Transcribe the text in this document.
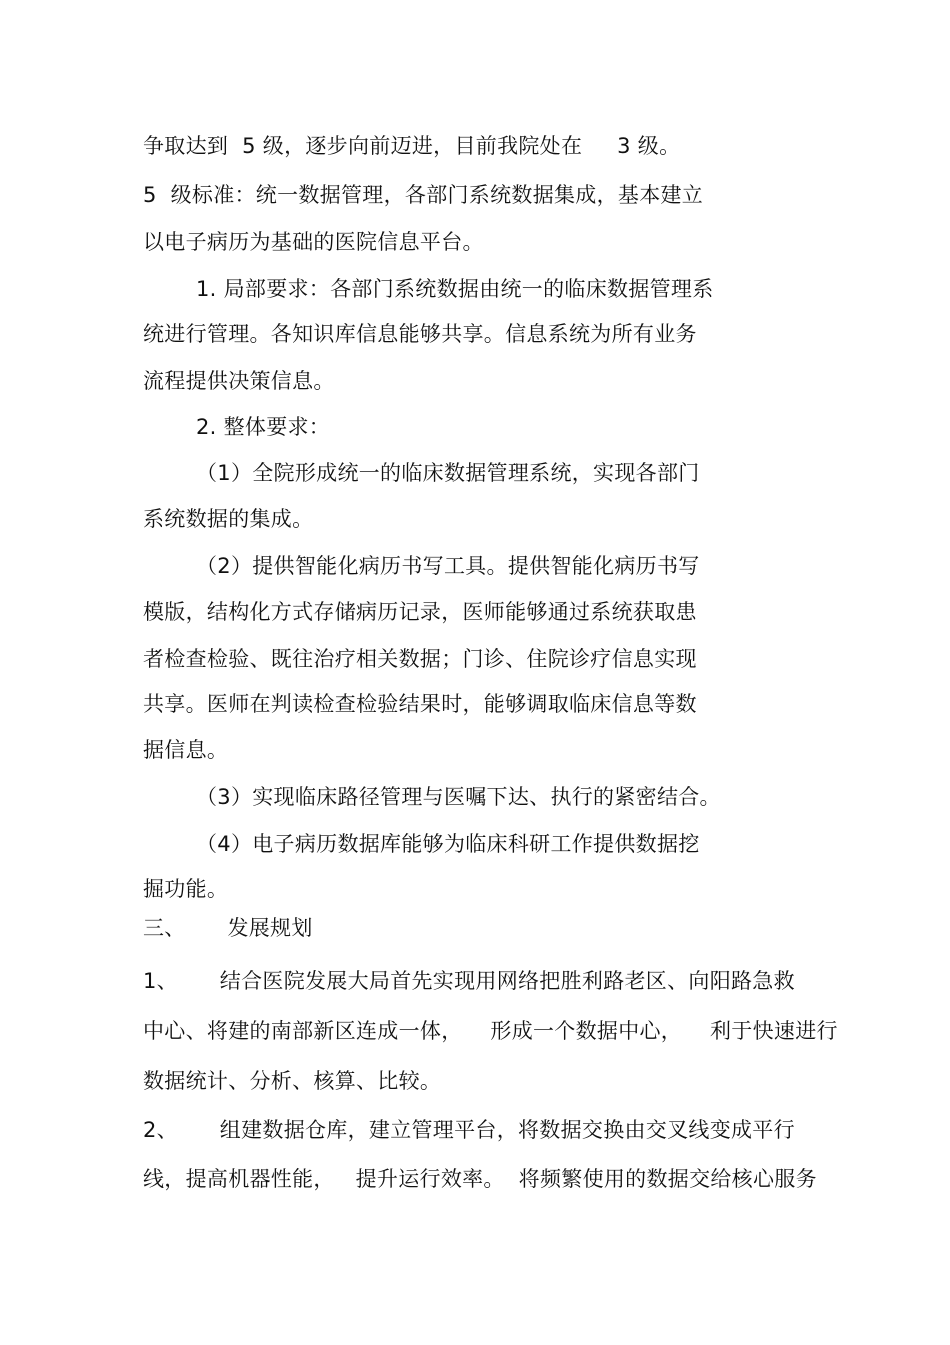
争取达到  5 级，逐步向前迈进，目前我院处在     3 级。
5  级标准：统一数据管理，各部门系统数据集成，基本建立
以电子病历为基础的医院信息平台。
1. 局部要求：各部门系统数据由统一的临床数据管理系
统进行管理。各知识库信息能够共享。信息系统为所有业务
流程提供决策信息。
2. 整体要求：
（1）全院形成统一的临床数据管理系统，实现各部门
系统数据的集成。
（2）提供智能化病历书写工具。提供智能化病历书写
模版，结构化方式存储病历记录，医师能够通过系统获取患
者检查检验、既往治疗相关数据；门诊、住院诊疗信息实现
共享。医师在判读检查检验结果时，能够调取临床信息等数
据信息。
（3）实现临床路径管理与医嘱下达、执行的紧密结合。
（4）电子病历数据库能够为临床科研工作提供数据挖
掘功能。
三、      发展规划
1、      结合医院发展大局首先实现用网络把胜利路老区、向阳路急救
中心、将建的南部新区连成一体，    形成一个数据中心，    利于快速进行
数据统计、分析、核算、比较。
2、      组建数据仓库，建立管理平台，将数据交换由交叉线变成平行
线，提高机器性能，   提升运行效率。  将频繁使用的数据交给核心服务
